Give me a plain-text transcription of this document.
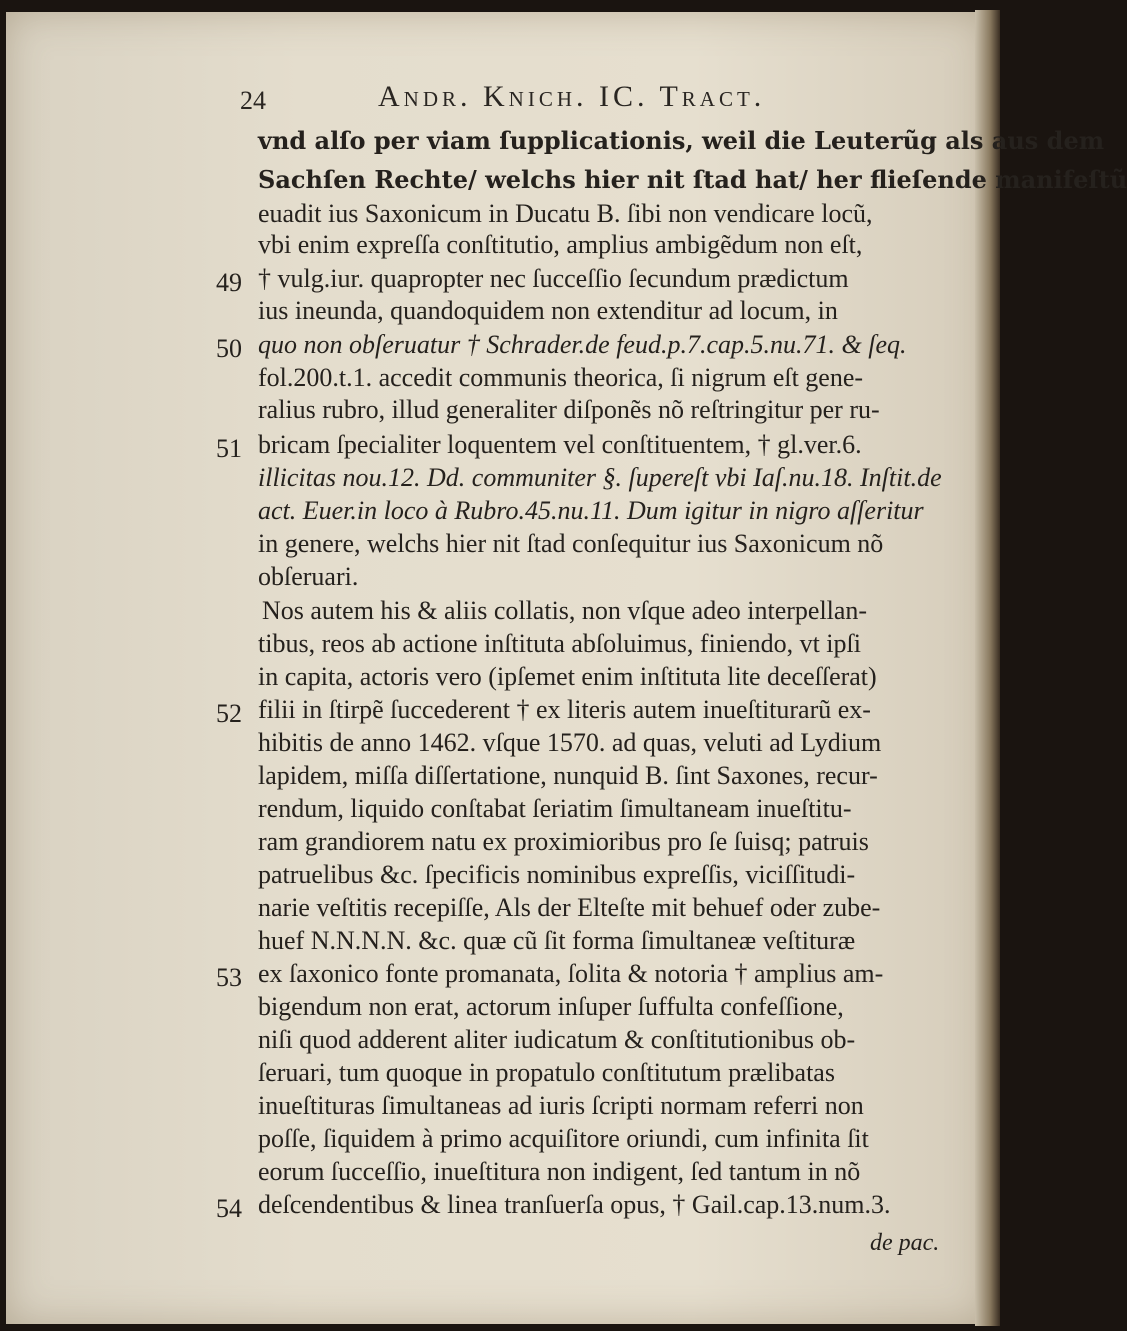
24	Andr. Knich. IC. Tract.
vnd alſo per viam ſupplicationis, weil die Leuterũg als aus dem
Sachſen Rechte/ welchs hier nit ſtad hat/ her flieſende manifeſtũ
euadit ius Saxonicum in Ducatu B. ſibi non vendicare locũ,
vbi enim expreſſa conſtitutio, amplius ambigẽdum non eſt,
49 † vulg.iur. quapropter nec ſucceſſio ſecundum prædictum
ius ineunda, quandoquidem non extenditur ad locum, in
50 quo non obſeruatur † Schrader.de feud.p.7.cap.5.nu.71. & ſeq.
fol.200.t.1. accedit communis theorica, ſi nigrum eſt gene-
ralius rubro, illud generaliter diſponẽs nõ reſtringitur per ru-
51 bricam ſpecialiter loquentem vel conſtituentem, † gl.ver.6.
illicitas nou.12. Dd. communiter §. ſupereſt vbi Iaſ.nu.18. Inſtit.de
act. Euer.in loco à Rubro.45.nu.11. Dum igitur in nigro aſſeritur
in genere, welchs hier nit ſtad conſequitur ius Saxonicum nõ
obſeruari.
Nos autem his & aliis collatis, non vſque adeo interpellan-
tibus, reos ab actione inſtituta abſoluimus, finiendo, vt ipſi
in capita, actoris vero (ipſemet enim inſtituta lite deceſſerat)
52 filii in ſtirpẽ ſuccederent † ex literis autem inueſtiturarũ ex-
hibitis de anno 1462. vſque 1570. ad quas, veluti ad Lydium
lapidem, miſſa diſſertatione, nunquid B. ſint Saxones, recur-
rendum, liquido conſtabat ſeriatim ſimultaneam inueſtitu-
ram grandiorem natu ex proximioribus pro ſe ſuisq; patruis
patruelibus &c. ſpecificis nominibus expreſſis, viciſſitudi-
narie veſtitis recepiſſe, Als der Elteſte mit behuef oder zube-
huef N.N.N.N. &c. quæ cũ ſit forma ſimultaneæ veſtituræ
53 ex ſaxonico fonte promanata, ſolita & notoria † amplius am-
bigendum non erat, actorum inſuper ſuffulta confeſſione,
niſi quod adderent aliter iudicatum & conſtitutionibus ob-
ſeruari, tum quoque in propatulo conſtitutum prælibatas
inueſtituras ſimultaneas ad iuris ſcripti normam referri non
poſſe, ſiquidem à primo acquiſitore oriundi, cum infinita ſit
eorum ſucceſſio, inueſtitura non indigent, ſed tantum in nõ
54 deſcendentibus & linea tranſuerſa opus, † Gail.cap.13.num.3.
de pac.
